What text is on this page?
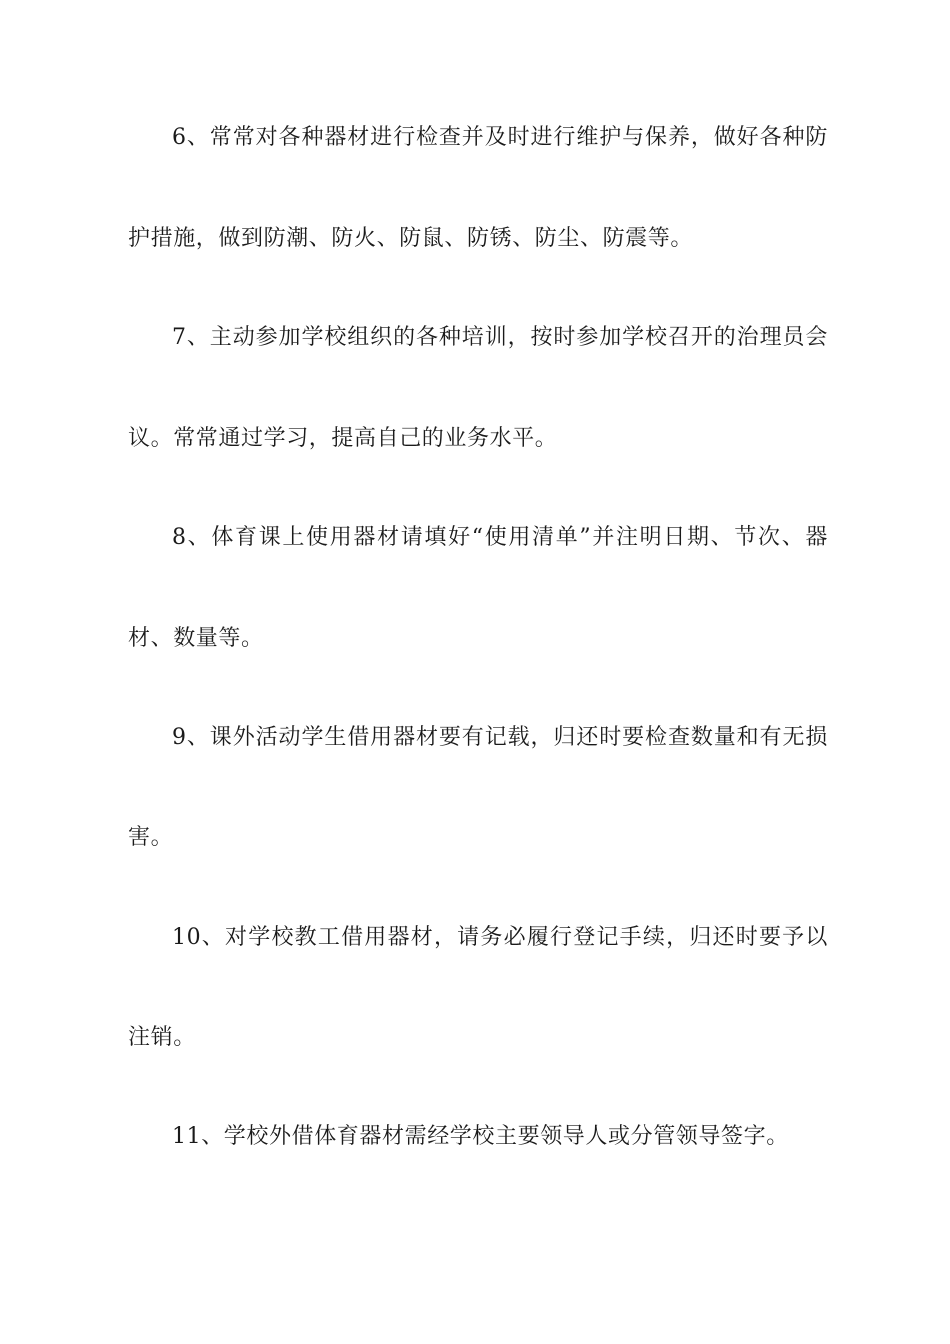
6、常常对各种器材进行检查并及时进行维护与保养，做好各种防
护措施，做到防潮、防火、防鼠、防锈、防尘、防震等。
7、主动参加学校组织的各种培训，按时参加学校召开的治理员会
议。常常通过学习，提高自己的业务水平。
8、体育课上使用器材请填好“使用清单”并注明日期、节次、器
材、数量等。
9、课外活动学生借用器材要有记载，归还时要检查数量和有无损
害。
10、对学校教工借用器材，请务必履行登记手续，归还时要予以
注销。
11、学校外借体育器材需经学校主要领导人或分管领导签字。
